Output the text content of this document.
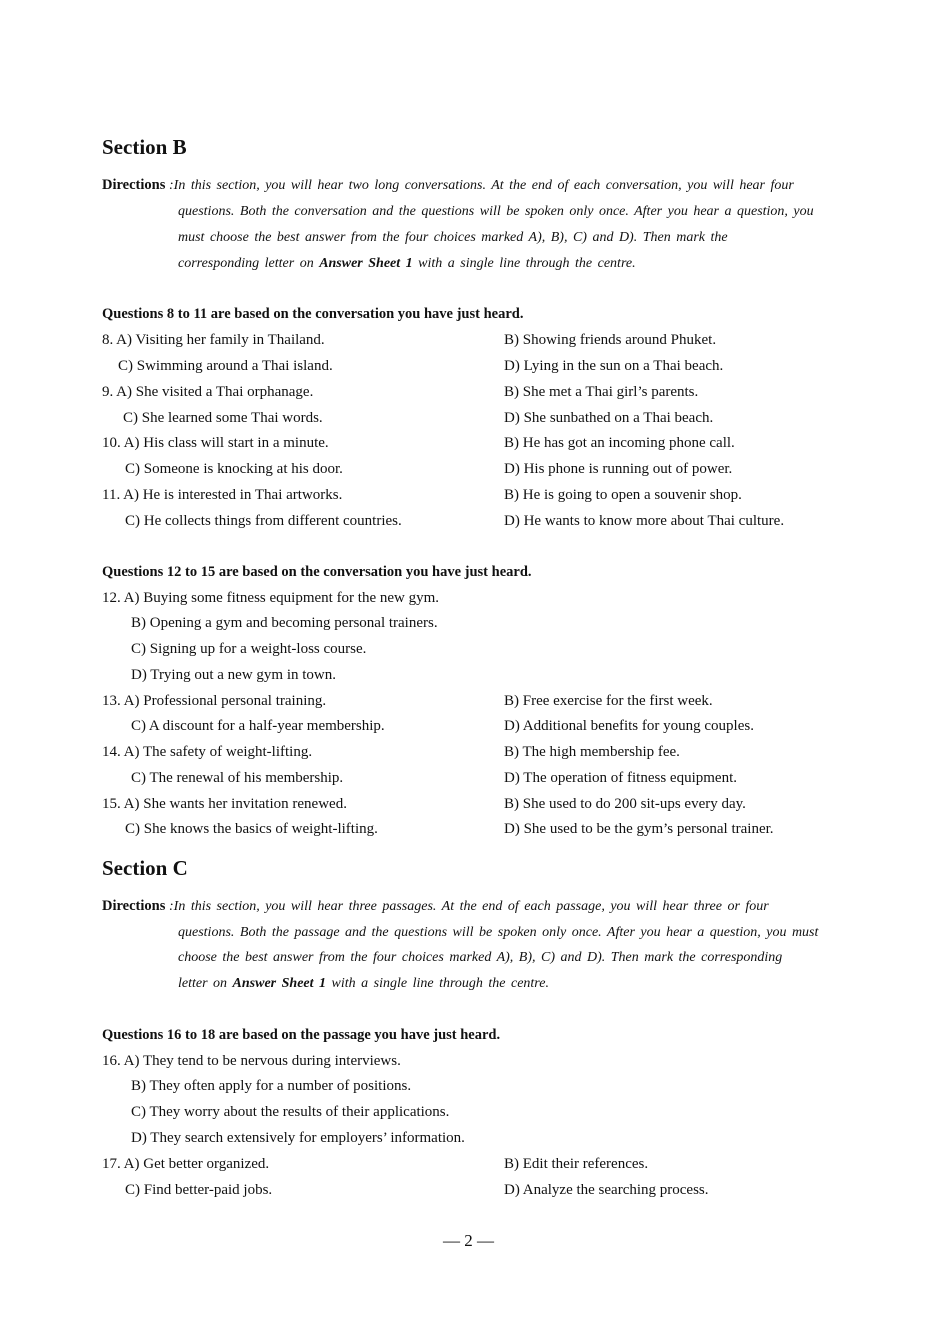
Section B
Directions :In this section, you will hear two long conversations. At the end of each conversation, you will hear four
questions. Both the conversation and the questions will be spoken only once. After you hear a question, you
must choose the best answer from the four choices marked A), B), C) and D). Then mark the
corresponding letter on Answer Sheet 1 with a single line through the centre.
Questions 8 to 11 are based on the conversation you have just heard.
8. A) Visiting her family in Thailand.	B) Showing friends around Phuket.
C) Swimming around a Thai island.	D) Lying in the sun on a Thai beach.
9. A) She visited a Thai orphanage.	B) She met a Thai girl’s parents.
C) She learned some Thai words.	D) She sunbathed on a Thai beach.
10. A) His class will start in a minute.	B) He has got an incoming phone call.
C) Someone is knocking at his door.	D) His phone is running out of power.
11. A) He is interested in Thai artworks.	B) He is going to open a souvenir shop.
C) He collects things from different countries.	D) He wants to know more about Thai culture.
Questions 12 to 15 are based on the conversation you have just heard.
12. A) Buying some fitness equipment for the new gym.
B) Opening a gym and becoming personal trainers.
C) Signing up for a weight-loss course.
D) Trying out a new gym in town.
13. A) Professional personal training.	B) Free exercise for the first week.
C) A discount for a half-year membership.	D) Additional benefits for young couples.
14. A) The safety of weight-lifting.	B) The high membership fee.
C) The renewal of his membership.	D) The operation of fitness equipment.
15. A) She wants her invitation renewed.	B) She used to do 200 sit-ups every day.
C) She knows the basics of weight-lifting.	D) She used to be the gym’s personal trainer.
Section C
Directions :In this section, you will hear three passages. At the end of each passage, you will hear three or four
questions. Both the passage and the questions will be spoken only once. After you hear a question, you must
choose the best answer from the four choices marked A), B), C) and D). Then mark the corresponding
letter on Answer Sheet 1 with a single line through the centre.
Questions 16 to 18 are based on the passage you have just heard.
16. A) They tend to be nervous during interviews.
B) They often apply for a number of positions.
C) They worry about the results of their applications.
D) They search extensively for employers’ information.
17. A) Get better organized.	B) Edit their references.
C) Find better-paid jobs.	D) Analyze the searching process.
— 2 —
